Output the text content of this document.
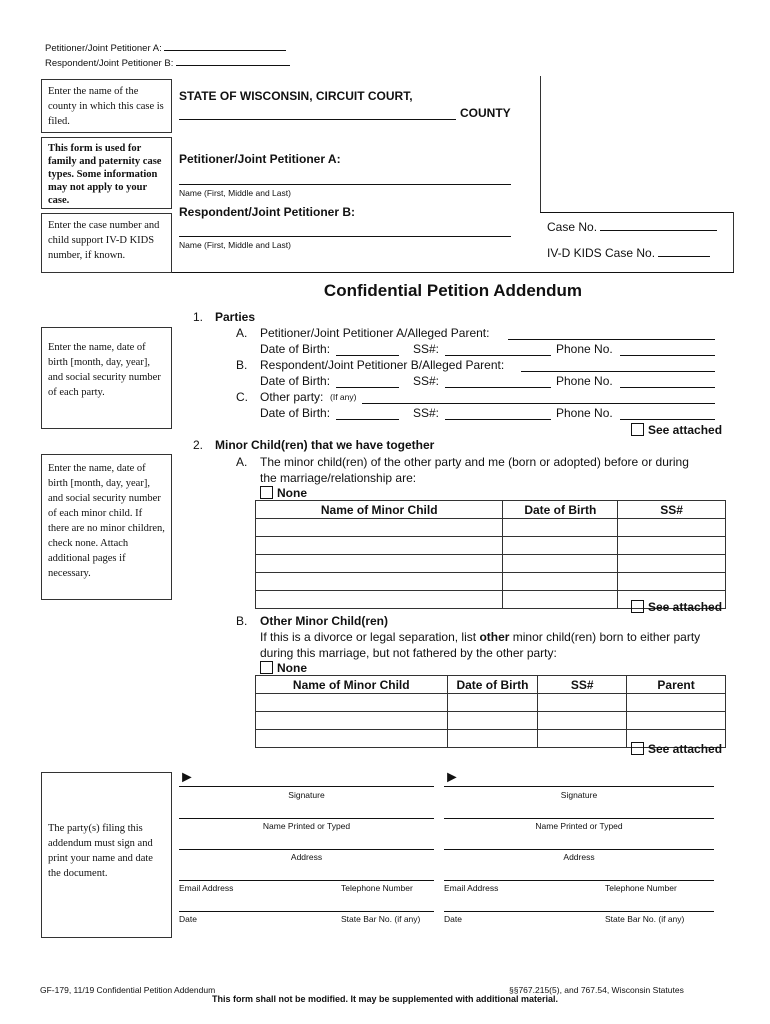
Petitioner/Joint Petitioner A:
Respondent/Joint Petitioner B:
Enter the name of the county in which this case is filed.
This form is used for family and paternity case types. Some information may not apply to your case.
Enter the case number and child support IV-D KIDS number, if known.
Enter the name, date of birth [month, day, year], and social security number of each party.
Enter the name, date of birth [month, day, year], and social security number of each minor child. If there are no minor children, check none. Attach additional pages if necessary.
The party(s) filing this addendum must sign and print your name and date the document.
STATE OF WISCONSIN, CIRCUIT COURT,
COUNTY
Petitioner/Joint Petitioner A:
Name (First, Middle and Last)
Respondent/Joint Petitioner B:
Name (First, Middle and Last)
Case No.
IV-D KIDS Case No.
Confidential Petition Addendum
1. Parties
A. Petitioner/Joint Petitioner A/Alleged Parent:
Date of Birth:	SS#:	Phone No.
B. Respondent/Joint Petitioner B/Alleged Parent:
Date of Birth:	SS#:	Phone No.
C. Other party: (If any)
Date of Birth:	SS#:	Phone No.
See attached
2. Minor Child(ren) that we have together
A. The minor child(ren) of the other party and me (born or adopted) before or during
the marriage/relationship are:
None
Name of Minor Child	Date of Birth	SS#

See attached
B. Other Minor Child(ren)
If this is a divorce or legal separation, list other minor child(ren) born to either party
during this marriage, but not fathered by the other party:
None
Name of Minor Child	Date of Birth	SS#	Parent

See attached
►
Signature
Name Printed or Typed
Address
Email Address	Telephone Number
Date	State Bar No. (if any)
►
Signature
Name Printed or Typed
Address
Email Address	Telephone Number
Date	State Bar No. (if any)
GF-179, 11/19 Confidential Petition Addendum	§§767.215(5), and 767.54, Wisconsin Statutes
This form shall not be modified. It may be supplemented with additional material.
